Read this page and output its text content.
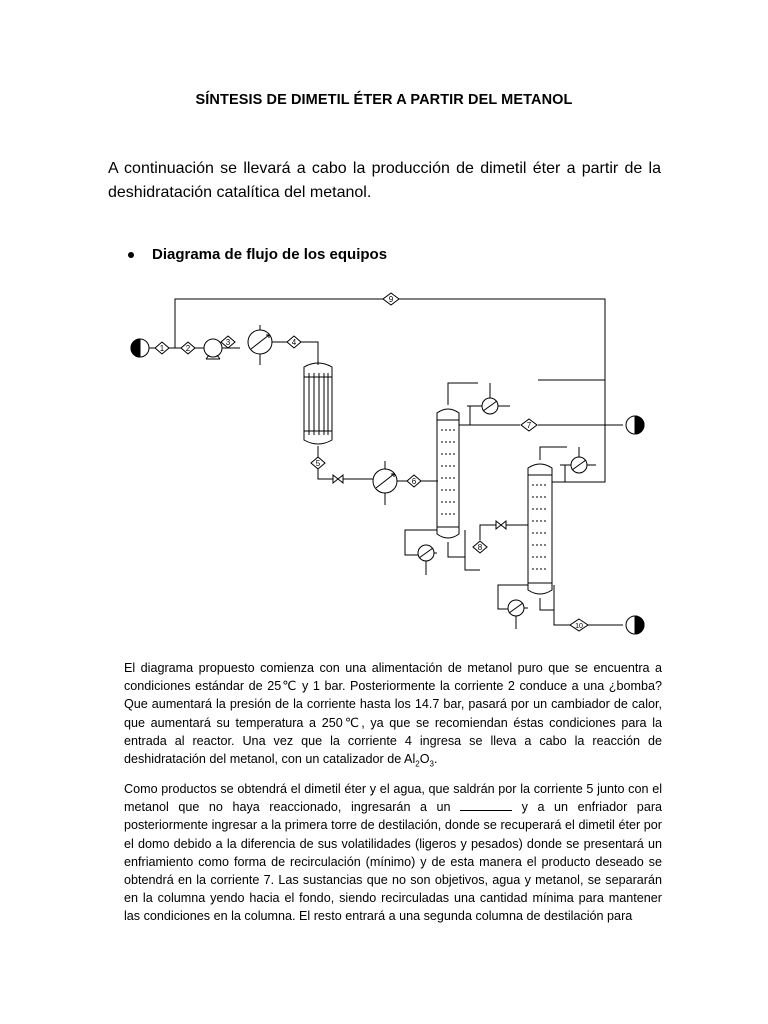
SÍNTESIS DE DIMETIL ÉTER A PARTIR DEL METANOL
A continuación se llevará a cabo la producción de dimetil éter a partir de la deshidratación catalítica del metanol.
Diagrama de flujo de los equipos
1	2
3	4
5
6
7
8
9
10

El diagrama propuesto comienza con una alimentación de metanol puro que se encuentra a condiciones estándar de 25℃ y 1 bar. Posteriormente la corriente 2 conduce a una ¿bomba? Que aumentará la presión de la corriente hasta los 14.7 bar, pasará por un cambiador de calor, que aumentará su temperatura a 250℃, ya que se recomiendan éstas condiciones para la entrada al reactor. Una vez que la corriente 4 ingresa se lleva a cabo la reacción de deshidratación del metanol, con un catalizador de $Al_2O_3$.

Como productos se obtendrá el dimetil éter y el agua, que saldrán por la corriente 5 junto con el metanol que no haya reaccionado, ingresarán a un	y a un enfriador para posteriormente ingresar a la primera torre de destilación, donde se recuperará el dimetil éter por el domo debido a la diferencia de sus volatilidades (ligeros y pesados) donde se presentará un enfriamiento como forma de recirculación (mínimo) y de esta manera el producto deseado se obtendrá en la corriente 7. Las sustancias que no son objetivos, agua y metanol, se separarán en la columna yendo hacia el fondo, siendo recirculadas una cantidad mínima para mantener las condiciones en la columna. El resto entrará a una segunda columna de destilación para
